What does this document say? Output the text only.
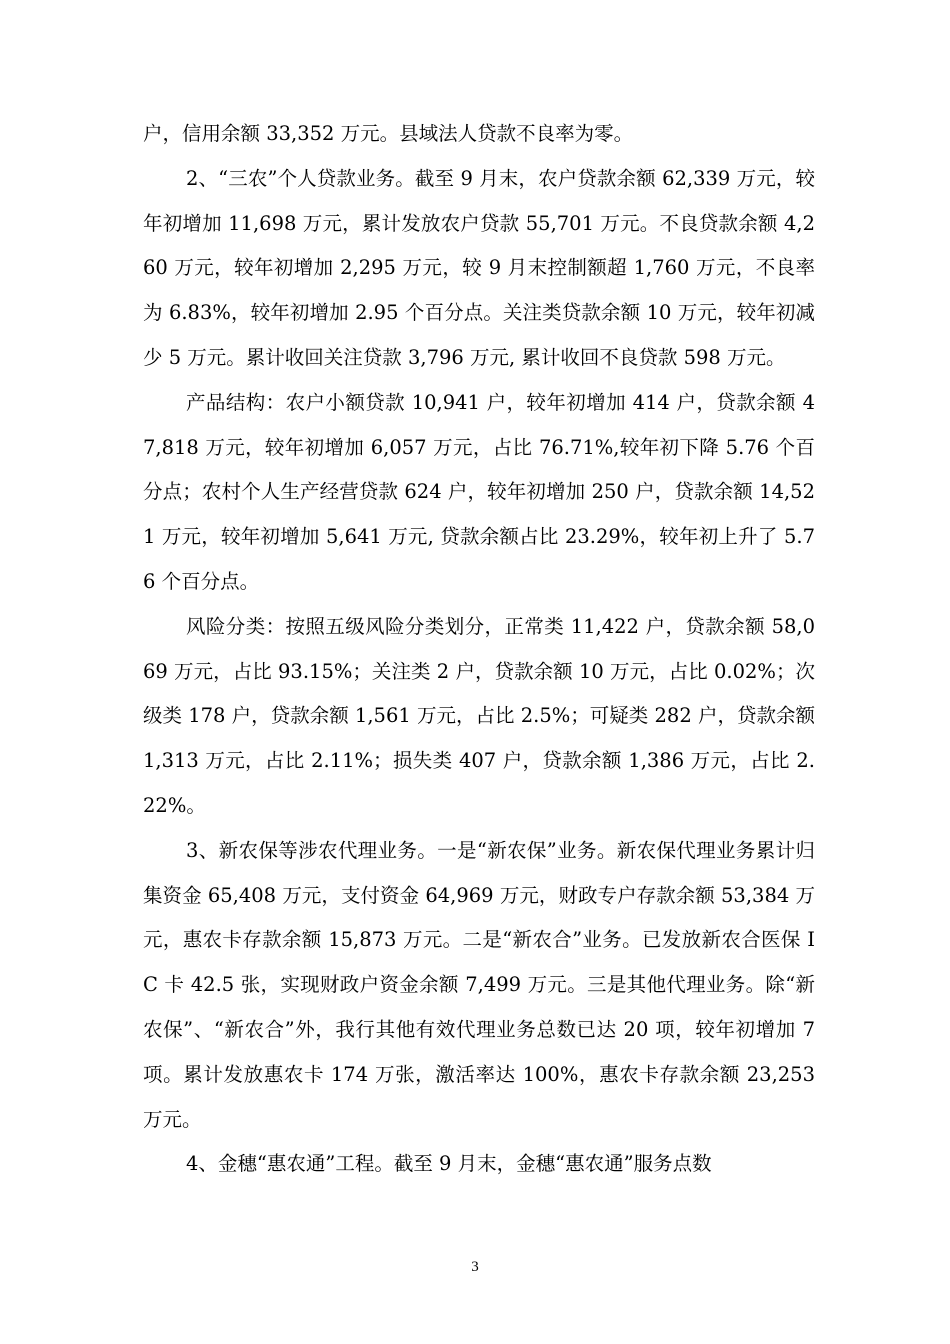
户，信用余额 33,352 万元。县域法人贷款不良率为零。

2、“三农”个人贷款业务。截至 9 月末，农户贷款余额 62,339 万元，较年初增加 11,698 万元，累计发放农户贷款 55,701 万元。不良贷款余额 4,260 万元，较年初增加 2,295 万元，较 9 月末控制额超 1,760 万元，不良率为 6.83%，较年初增加 2.95 个百分点。关注类贷款余额 10 万元，较年初减少 5 万元。累计收回关注贷款 3,796 万元, 累计收回不良贷款 598 万元。

产品结构：农户小额贷款 10,941 户，较年初增加 414 户，贷款余额 47,818 万元，较年初增加 6,057 万元，占比 76.71%,较年初下降 5.76 个百分点；农村个人生产经营贷款 624 户，较年初增加 250 户，贷款余额 14,521 万元，较年初增加 5,641 万元, 贷款余额占比 23.29%，较年初上升了 5.76 个百分点。

风险分类：按照五级风险分类划分，正常类 11,422 户，贷款余额 58,069 万元，占比 93.15%；关注类 2 户，贷款余额 10 万元，占比 0.02%；次级类 178 户，贷款余额 1,561 万元，占比 2.5%；可疑类 282 户，贷款余额 1,313 万元，占比 2.11%；损失类 407 户，贷款余额 1,386 万元，占比 2.22%。

3、新农保等涉农代理业务。一是“新农保”业务。新农保代理业务累计归集资金 65,408 万元，支付资金 64,969 万元，财政专户存款余额 53,384 万元，惠农卡存款余额 15,873 万元。二是“新农合”业务。已发放新农合医保 IC 卡 42.5 张，实现财政户资金余额 7,499 万元。三是其他代理业务。除“新农保”、“新农合”外，我行其他有效代理业务总数已达 20 项，较年初增加 7 项。累计发放惠农卡 174 万张，激活率达 100%，惠农卡存款余额 23,253 万元。

4、金穗“惠农通”工程。截至 9 月末，金穗“惠农通”服务点数

3
